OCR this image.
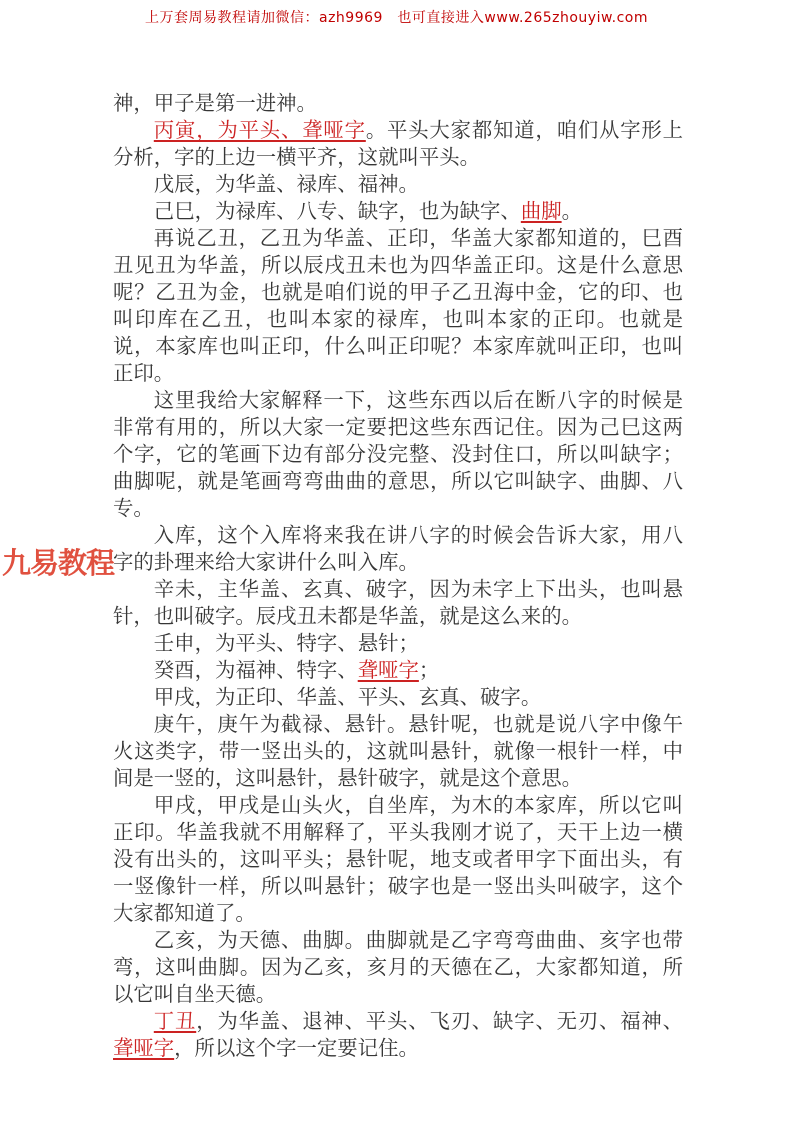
上万套周易教程请加微信：azh9969　也可直接进入www.265zhouyiw.com
九易教程

神，甲子是第一进神。

丙寅，为平头、聋哑字。平头大家都知道，咱们从字形上分析，字的上边一横平齐，这就叫平头。

戊辰，为华盖、禄库、福神。

己巳，为禄库、八专、缺字，也为缺字、曲脚。

再说乙丑，乙丑为华盖、正印，华盖大家都知道的，巳酉丑见丑为华盖，所以辰戌丑未也为四华盖正印。这是什么意思呢？乙丑为金，也就是咱们说的甲子乙丑海中金，它的印、也叫印库在乙丑，也叫本家的禄库，也叫本家的正印。也就是说，本家库也叫正印，什么叫正印呢？本家库就叫正印，也叫正印。

这里我给大家解释一下，这些东西以后在断八字的时候是非常有用的，所以大家一定要把这些东西记住。因为己巳这两个字，它的笔画下边有部分没完整、没封住口，所以叫缺字；曲脚呢，就是笔画弯弯曲曲的意思，所以它叫缺字、曲脚、八专。

入库，这个入库将来我在讲八字的时候会告诉大家，用八字的卦理来给大家讲什么叫入库。

辛未，主华盖、玄真、破字，因为未字上下出头，也叫悬针，也叫破字。辰戌丑未都是华盖，就是这么来的。

壬申，为平头、特字、悬针；

癸酉，为福神、特字、聋哑字；

甲戌，为正印、华盖、平头、玄真、破字。

庚午，庚午为截禄、悬针。悬针呢，也就是说八字中像午火这类字，带一竖出头的，这就叫悬针，就像一根针一样，中间是一竖的，这叫悬针，悬针破字，就是这个意思。

甲戌，甲戌是山头火，自坐库，为木的本家库，所以它叫正印。华盖我就不用解释了，平头我刚才说了，天干上边一横没有出头的，这叫平头；悬针呢，地支或者甲字下面出头，有一竖像针一样，所以叫悬针；破字也是一竖出头叫破字，这个大家都知道了。

乙亥，为天德、曲脚。曲脚就是乙字弯弯曲曲、亥字也带弯，这叫曲脚。因为乙亥，亥月的天德在乙，大家都知道，所以它叫自坐天德。

丁丑，为华盖、退神、平头、飞刃、缺字、无刃、福神、聋哑字，所以这个字一定要记住。
